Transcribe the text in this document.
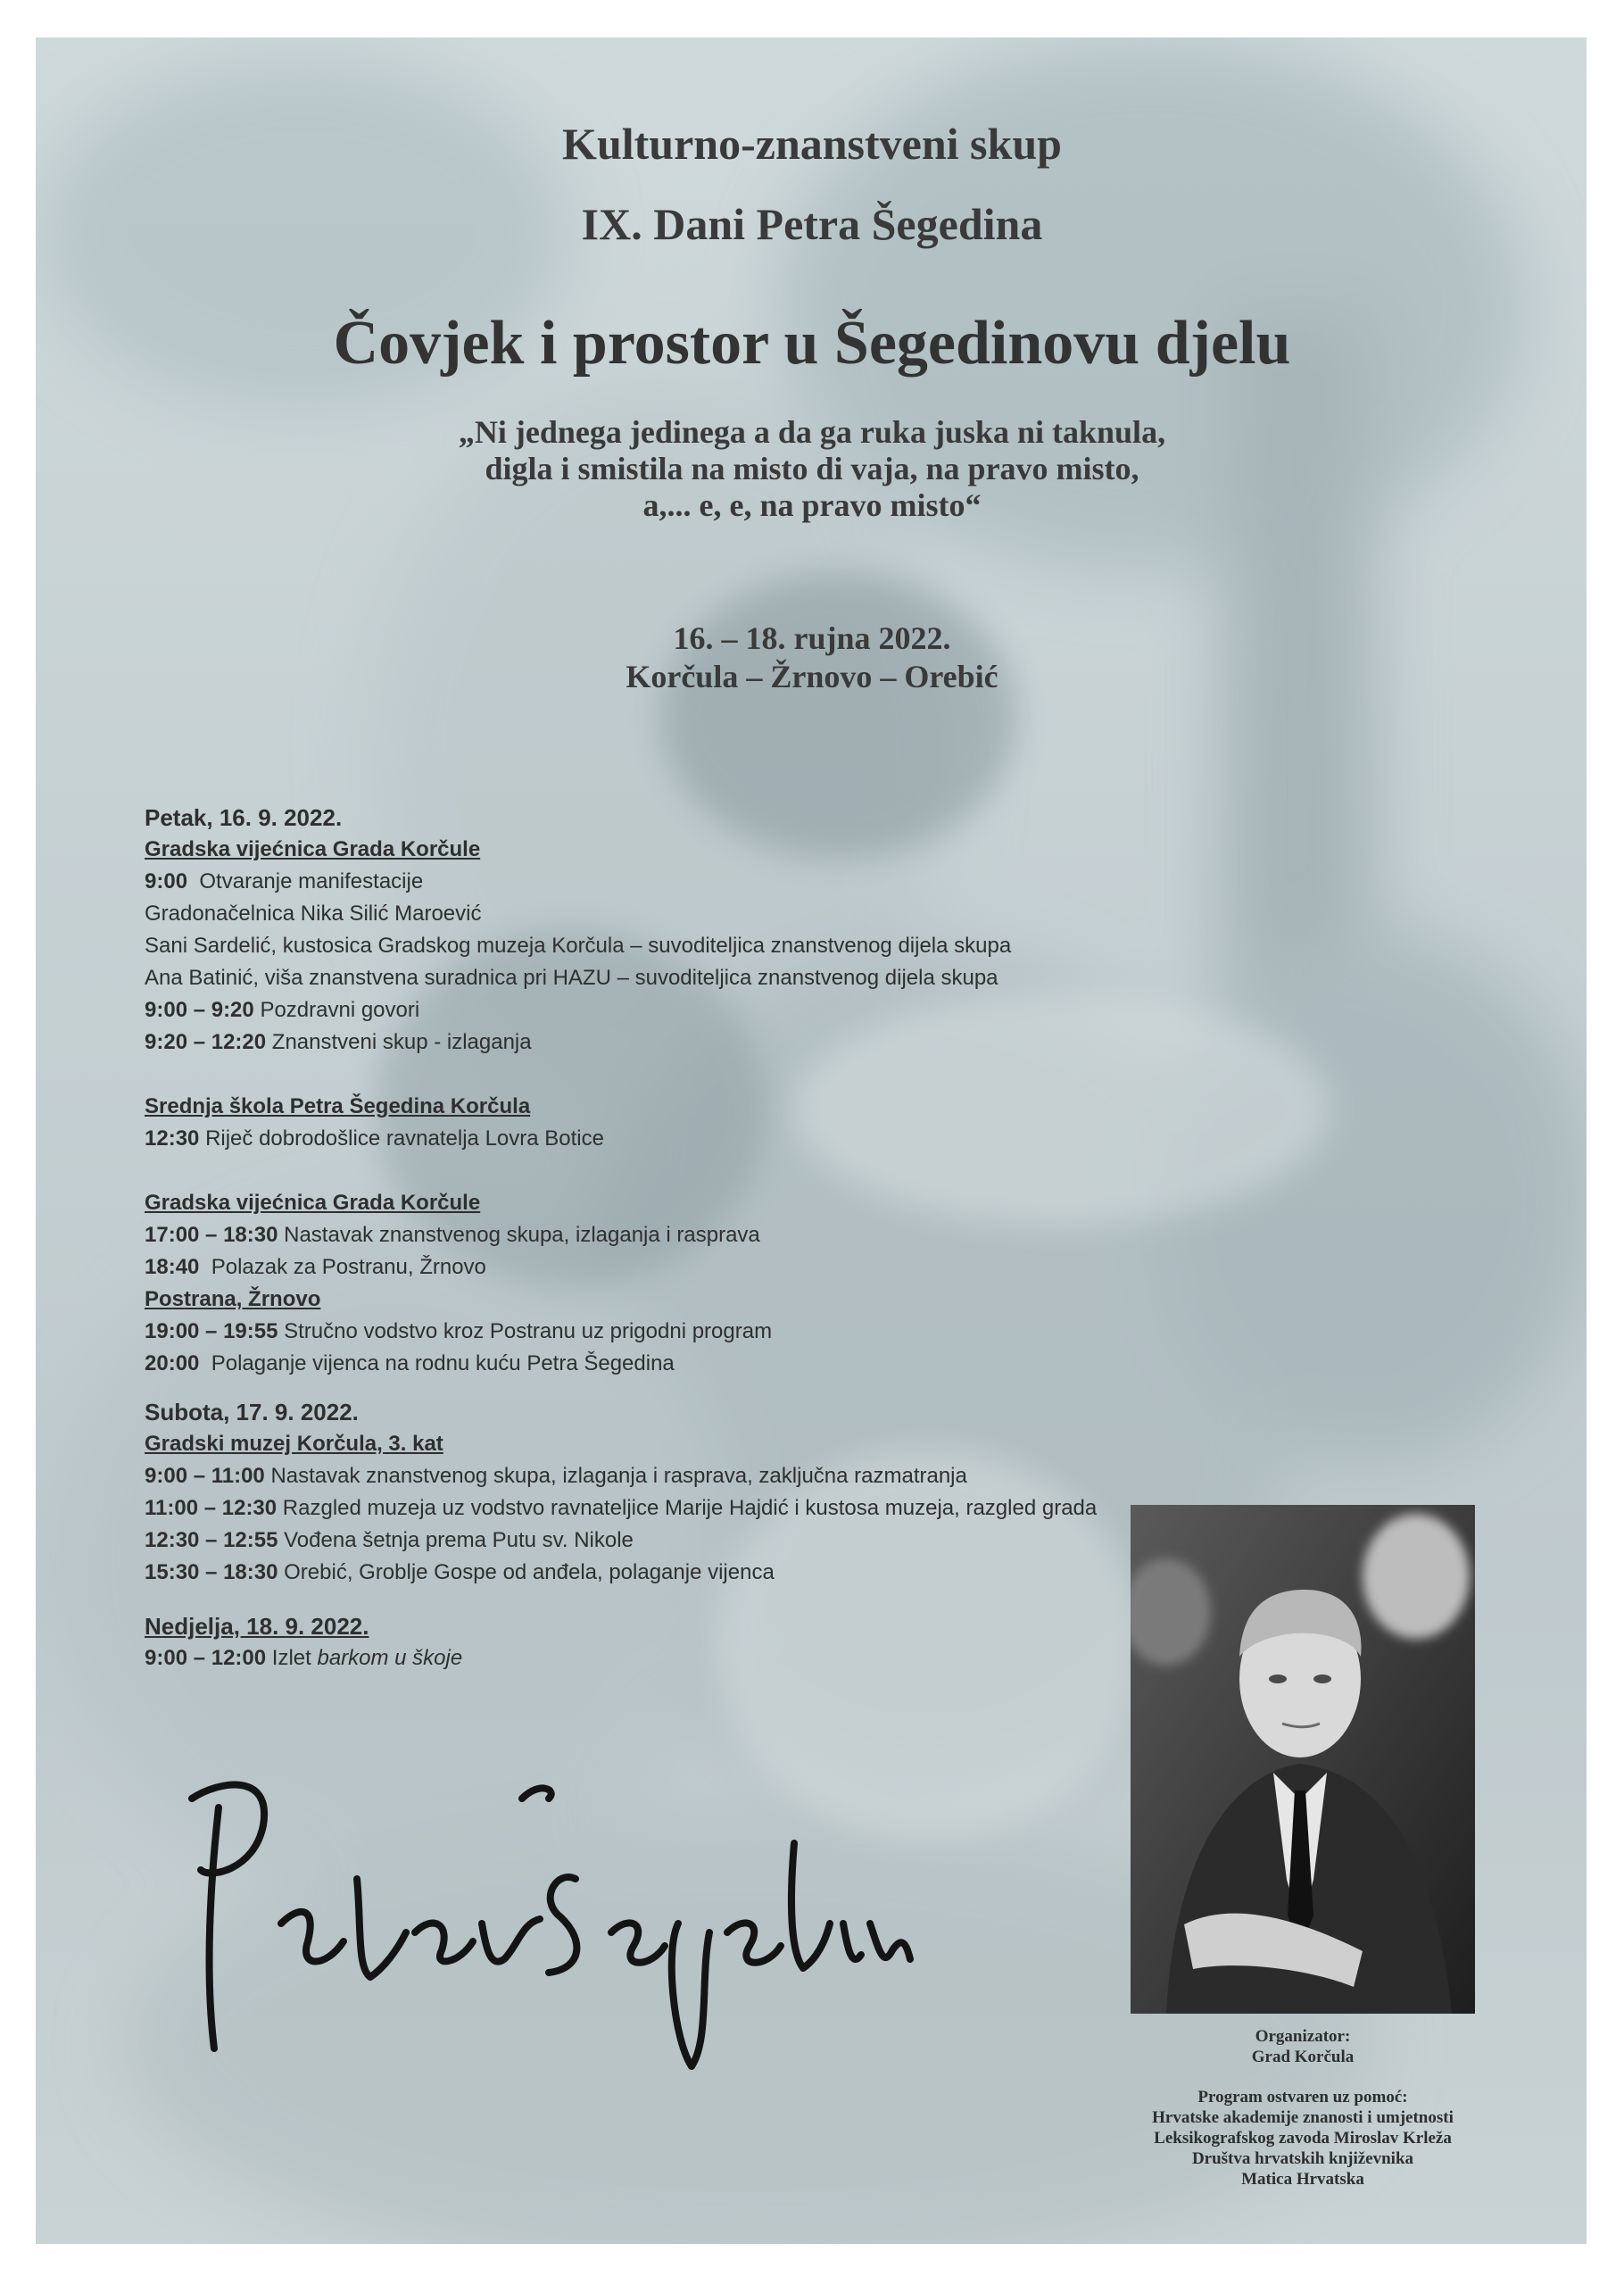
Kulturno-znanstveni skup
IX. Dani Petra Šegedina
Čovjek i prostor u Šegedinovu djelu
„Ni jednega jedinega a da ga ruka juska ni taknula,
digla i smistila na misto di vaja, na pravo misto,
a,... e, e, na pravo misto“
16. – 18. rujna 2022.
Korčula – Žrnovo – Orebić
Petak, 16. 9. 2022.
Gradska vijećnica Grada Korčule
9:00 Otvaranje manifestacije
Gradonačelnica Nika Silić Maroević
Sani Sardelić, kustosica Gradskog muzeja Korčula – suvoditeljica znanstvenog dijela skupa
Ana Batinić, viša znanstvena suradnica pri HAZU – suvoditeljica znanstvenog dijela skupa
9:00 – 9:20 Pozdravni govori
9:20 – 12:20 Znanstveni skup - izlaganja
Srednja škola Petra Šegedina Korčula
12:30 Riječ dobrodošlice ravnatelja Lovra Botice
Gradska vijećnica Grada Korčule
17:00 – 18:30 Nastavak znanstvenog skupa, izlaganja i rasprava
18:40 Polazak za Postranu, Žrnovo
Postrana, Žrnovo
19:00 – 19:55 Stručno vodstvo kroz Postranu uz prigodni program
20:00 Polaganje vijenca na rodnu kuću Petra Šegedina
Subota, 17. 9. 2022.
Gradski muzej Korčula, 3. kat
9:00 – 11:00 Nastavak znanstvenog skupa, izlaganja i rasprava, zaključna razmatranja
11:00 – 12:30 Razgled muzeja uz vodstvo ravnateljice Marije Hajdić i kustosa muzeja, razgled grada
12:30 – 12:55 Vođena šetnja prema Putu sv. Nikole
15:30 – 18:30 Orebić, Groblje Gospe od anđela, polaganje vijenca
Nedjelja, 18. 9. 2022.
9:00 – 12:00 Izlet barkom u škoje
Organizator:
Grad Korčula
Program ostvaren uz pomoć:
Hrvatske akademije znanosti i umjetnosti
Leksikografskog zavoda Miroslav Krleža
Društva hrvatskih književnika
Matica Hrvatska
